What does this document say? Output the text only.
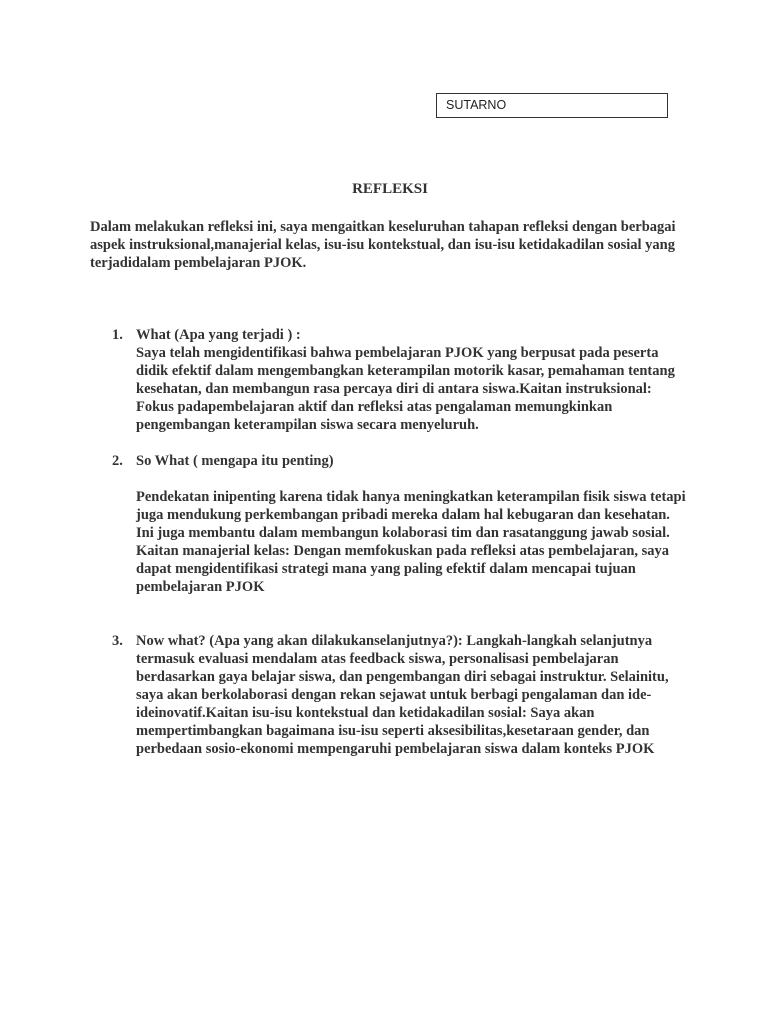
SUTARNO

REFLEKSI

Dalam melakukan refleksi ini, saya mengaitkan keseluruhan tahapan refleksi dengan berbagai aspek instruksional,manajerial kelas, isu-isu kontekstual, dan isu-isu ketidakadilan sosial yang terjadidalam pembelajaran PJOK.

1. What (Apa yang terjadi ) :

Saya telah mengidentifikasi bahwa pembelajaran PJOK yang berpusat pada peserta didik efektif dalam mengembangkan keterampilan motorik kasar, pemahaman tentang kesehatan, dan membangun rasa percaya diri di antara siswa.Kaitan instruksional: Fokus padapembelajaran aktif dan refleksi atas pengalaman memungkinkan pengembangan keterampilan siswa secara menyeluruh.

2. So What ( mengapa itu penting)

Pendekatan inipenting karena tidak hanya meningkatkan keterampilan fisik siswa tetapi juga mendukung perkembangan pribadi mereka dalam hal kebugaran dan kesehatan. Ini juga membantu dalam membangun kolaborasi tim dan rasatanggung jawab sosial.

Kaitan manajerial kelas: Dengan memfokuskan pada refleksi atas pembelajaran, saya dapat mengidentifikasi strategi mana yang paling efektif dalam mencapai tujuan pembelajaran PJOK

3. Now what? (Apa yang akan dilakukanselanjutnya?): Langkah-langkah selanjutnya termasuk evaluasi mendalam atas feedback siswa, personalisasi pembelajaran berdasarkan gaya belajar siswa, dan pengembangan diri sebagai instruktur. Selainitu, saya akan berkolaborasi dengan rekan sejawat untuk berbagi pengalaman dan ide-ideinovatif.Kaitan isu-isu kontekstual dan ketidakadilan sosial: Saya akan mempertimbangkan bagaimana isu-isu seperti aksesibilitas,kesetaraan gender, dan perbedaan sosio-ekonomi mempengaruhi pembelajaran siswa dalam konteks PJOK
